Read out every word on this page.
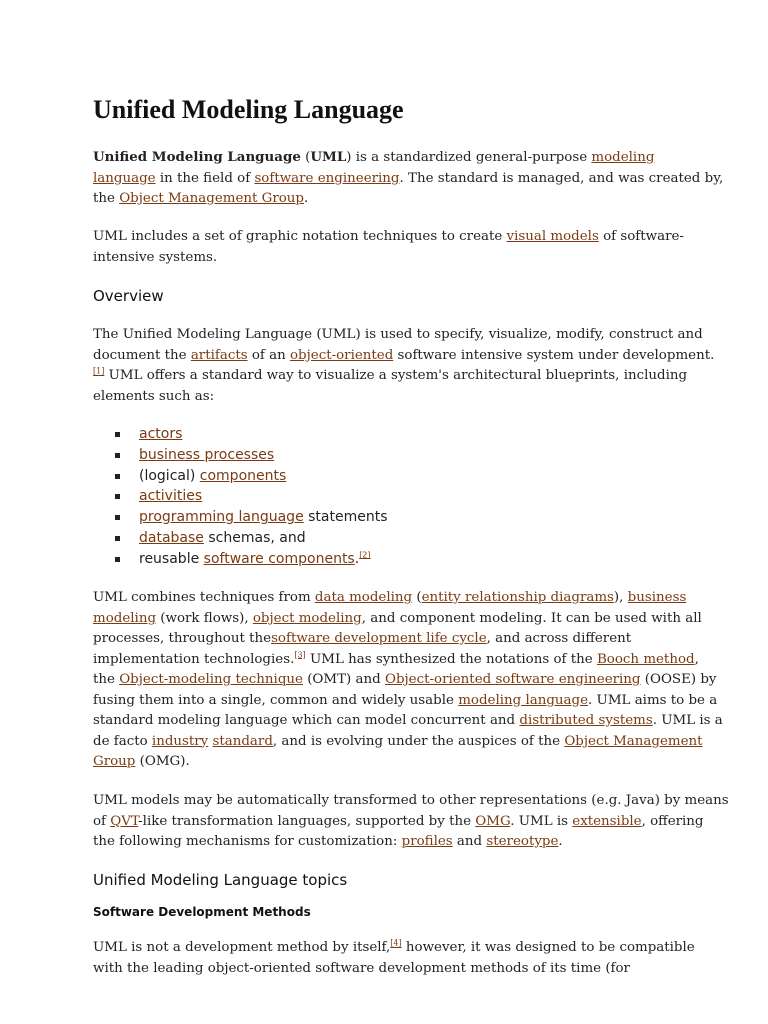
Unified Modeling Language

Unified Modeling Language (UML) is a standardized general-purpose modeling
language in the field of software engineering. The standard is managed, and was created by,
the Object Management Group.

UML includes a set of graphic notation techniques to create visual models of software-
intensive systems.

Overview

The Unified Modeling Language (UML) is used to specify, visualize, modify, construct and
document the artifacts of an object-oriented software intensive system under development.
[1] UML offers a standard way to visualize a system's architectural blueprints, including
elements such as:

actors
business processes
(logical) components
activities
programming language statements
database schemas, and
reusable software components.[2]

UML combines techniques from data modeling (entity relationship diagrams), business
modeling (work flows), object modeling, and component modeling. It can be used with all
processes, throughout thesoftware development life cycle, and across different
implementation technologies.[3] UML has synthesized the notations of the Booch method,
the Object-modeling technique (OMT) and Object-oriented software engineering (OOSE) by
fusing them into a single, common and widely usable modeling language. UML aims to be a
standard modeling language which can model concurrent and distributed systems. UML is a
de facto industry standard, and is evolving under the auspices of the Object Management
Group (OMG).

UML models may be automatically transformed to other representations (e.g. Java) by means
of QVT-like transformation languages, supported by the OMG. UML is extensible, offering
the following mechanisms for customization: profiles and stereotype.

Unified Modeling Language topics
Software Development Methods

UML is not a development method by itself,[4] however, it was designed to be compatible
with the leading object-oriented software development methods of its time (for
